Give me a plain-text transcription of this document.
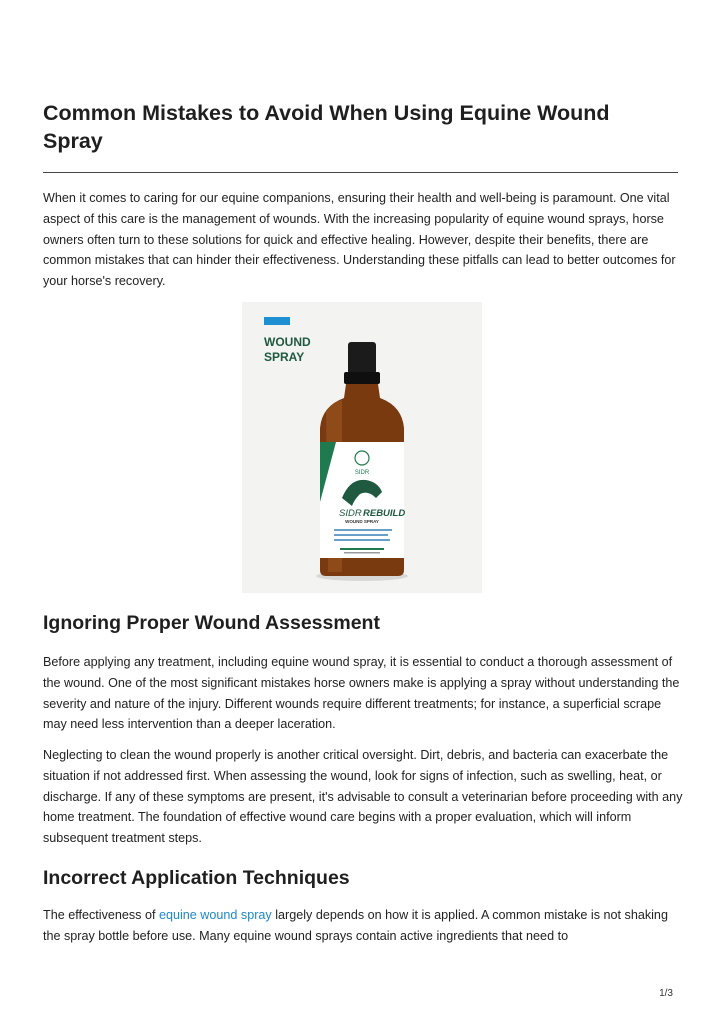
Common Mistakes to Avoid When Using Equine Wound Spray

When it comes to caring for our equine companions, ensuring their health and well-being is paramount. One vital aspect of this care is the management of wounds. With the increasing popularity of equine wound sprays, horse owners often turn to these solutions for quick and effective healing. However, despite their benefits, there are common mistakes that can hinder their effectiveness. Understanding these pitfalls can lead to better outcomes for your horse's recovery.

WOUND
SPRAY
SIDR
SIDR REBUILD
WOUND SPRAY
Ignoring Proper Wound Assessment

Before applying any treatment, including equine wound spray, it is essential to conduct a thorough assessment of the wound. One of the most significant mistakes horse owners make is applying a spray without understanding the severity and nature of the injury. Different wounds require different treatments; for instance, a superficial scrape may need less intervention than a deeper laceration.

Neglecting to clean the wound properly is another critical oversight. Dirt, debris, and bacteria can exacerbate the situation if not addressed first. When assessing the wound, look for signs of infection, such as swelling, heat, or discharge. If any of these symptoms are present, it's advisable to consult a veterinarian before proceeding with any home treatment. The foundation of effective wound care begins with a proper evaluation, which will inform subsequent treatment steps.

Incorrect Application Techniques

The effectiveness of equine wound spray largely depends on how it is applied. A common mistake is not shaking the spray bottle before use. Many equine wound sprays contain active ingredients that need to

1/3
